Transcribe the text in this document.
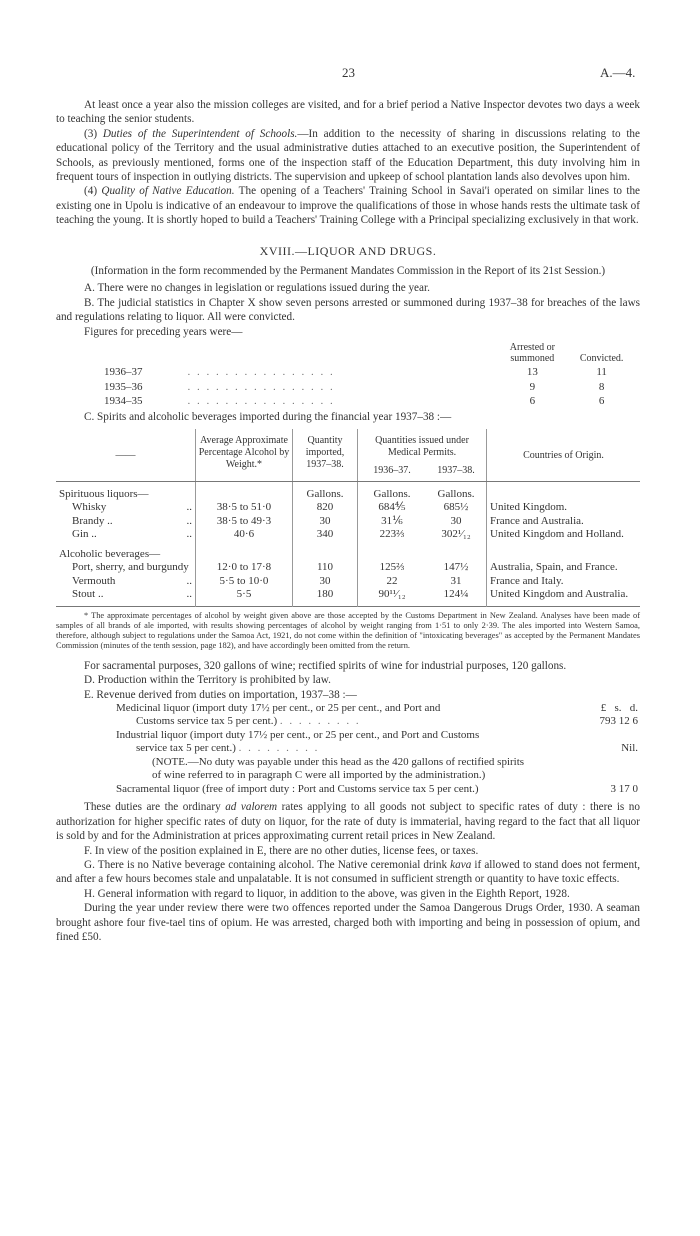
23	A.—4.

At least once a year also the mission colleges are visited, and for a brief period a Native Inspector devotes two days a week to teaching the senior students.

(3) Duties of the Superintendent of Schools.—In addition to the necessity of sharing in discussions relating to the educational policy of the Territory and the usual administrative duties attached to an executive position, the Superintendent of Schools, as previously mentioned, forms one of the inspection staff of the Education Department, this duty involving him in frequent tours of inspection in outlying districts. The supervision and upkeep of school plantation lands also devolves upon him.

(4) Quality of Native Education. The opening of a Teachers' Training School in Savai'i operated on similar lines to the existing one in Upolu is indicative of an endeavour to improve the qualifications of those in whose hands rests the ultimate task of teaching the young. It is shortly hoped to build a Teachers' Training College with a Principal specializing exclusively in that work.

XVIII.—LIQUOR AND DRUGS.

(Information in the form recommended by the Permanent Mandates Commission in the Report of its 21st Session.)

A. There were no changes in legislation or regulations issued during the year.

B. The judicial statistics in Chapter X show seven persons arrested or summoned during 1937–38 for breaches of the laws and regulations relating to liquor. All were convicted.

Figures for preceding years were—

		Arrested or summoned	Convicted.
1936–37	. . . . . . . . . . . . . . . .	13	11
1935–36	. . . . . . . . . . . . . . . .	9	8
1934–35	. . . . . . . . . . . . . . . .	6	6

C. Spirits and alcoholic beverages imported during the financial year 1937–38 :—

——	Average Approximate Percentage Alcohol by Weight.*	Quantity imported, 1937–38.	Quantities issued under Medical Permits.		Countries of Origin.
			1936–37.	1937–38.	
Spirituous liquors—		Gallons.	Gallons.	Gallons.	
Whisky ..	38·5 to 51·0	820	684⅘	685½	United Kingdom.
Brandy .. ..	38·5 to 49·3	30	31⅙	30	France and Australia.
Gin .. ..	40·6	340	223⅔	302¹⁄₁₂	United Kingdom and Holland.
Alcoholic beverages—					
Port, sherry, and burgundy	12·0 to 17·8	110	125⅔	147½	Australia, Spain, and France.
Vermouth ..	5·5 to 10·0	30	22	31	France and Italy.
Stout .. ..	5·5	180	90¹¹⁄₁₂	124¼	United Kingdom and Australia.

* The approximate percentages of alcohol by weight given above are those accepted by the Customs Department in New Zealand. Analyses have been made of samples of all brands of ale imported, with results showing percentages of alcohol by weight ranging from 1·51 to only 2·39. The ales imported into Western Samoa, therefore, although subject to regulations under the Samoa Act, 1921, do not come within the definition of "intoxicating beverages" as accepted by the Permanent Mandates Commission (minutes of the tenth session, page 182), and have accordingly been omitted from the return.

For sacramental purposes, 320 gallons of wine; rectified spirits of wine for industrial purposes, 120 gallons.

D. Production within the Territory is prohibited by law.

E. Revenue derived from duties on importation, 1937–38 :—

Medicinal liquor (import duty 17½ per cent., or 25 per cent., and Port and	£ s. d.
Customs service tax 5 per cent.) . . . . . . . . .	793 12 6
Industrial liquor (import duty 17½ per cent., or 25 per cent., and Port and Customs	
service tax 5 per cent.) . . . . . . . . .	Nil.
(NOTE.—No duty was payable under this head as the 420 gallons of rectified spirits of wine referred to in paragraph C were all imported by the administration.)	
Sacramental liquor (free of import duty : Port and Customs service tax 5 per cent.)	3 17 0

These duties are the ordinary ad valorem rates applying to all goods not subject to specific rates of duty : there is no authorization for higher specific rates of duty on liquor, for the rate of duty is immaterial, having regard to the fact that all liquor is sold by and for the Administration at prices approximating current retail prices in New Zealand.

F. In view of the position explained in E, there are no other duties, license fees, or taxes.

G. There is no Native beverage containing alcohol. The Native ceremonial drink kava if allowed to stand does not ferment, and after a few hours becomes stale and unpalatable. It is not consumed in sufficient strength or quantity to have toxic effects.

H. General information with regard to liquor, in addition to the above, was given in the Eighth Report, 1928.

During the year under review there were two offences reported under the Samoa Dangerous Drugs Order, 1930. A seaman brought ashore four five-tael tins of opium. He was arrested, charged both with importing and being in possession of opium, and fined £50.
